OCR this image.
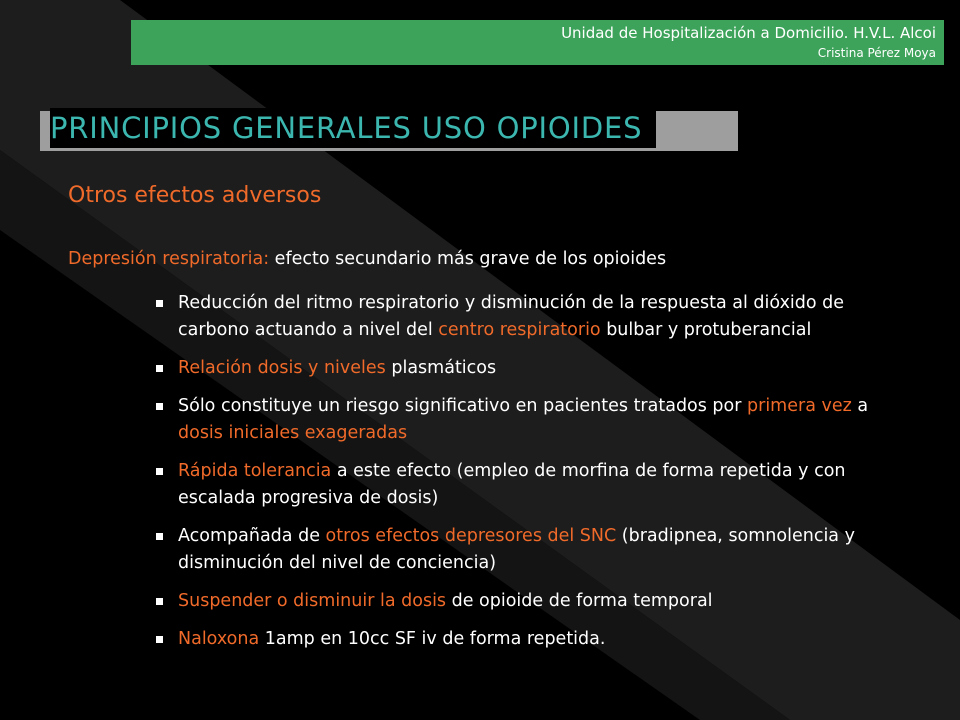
Unidad de Hospitalización a Domicilio. H.V.L. Alcoi
Cristina Pérez Moya
PRINCIPIOS GENERALES USO OPIOIDES
Otros efectos adversos
Depresión respiratoria: efecto secundario más grave de los opioides
Reducción del ritmo respiratorio y disminución de la respuesta al dióxido de carbono actuando a nivel del centro respiratorio bulbar y protuberancial
Relación dosis y niveles plasmáticos
Sólo constituye un riesgo significativo en pacientes tratados por primera vez a dosis iniciales exageradas
Rápida tolerancia a este efecto (empleo de morfina de forma repetida y con escalada progresiva de dosis)
Acompañada de otros efectos depresores del SNC (bradipnea, somnolencia y disminución del nivel de conciencia)
Suspender o disminuir la dosis de opioide de forma temporal
Naloxona 1amp en 10cc SF iv de forma repetida.
